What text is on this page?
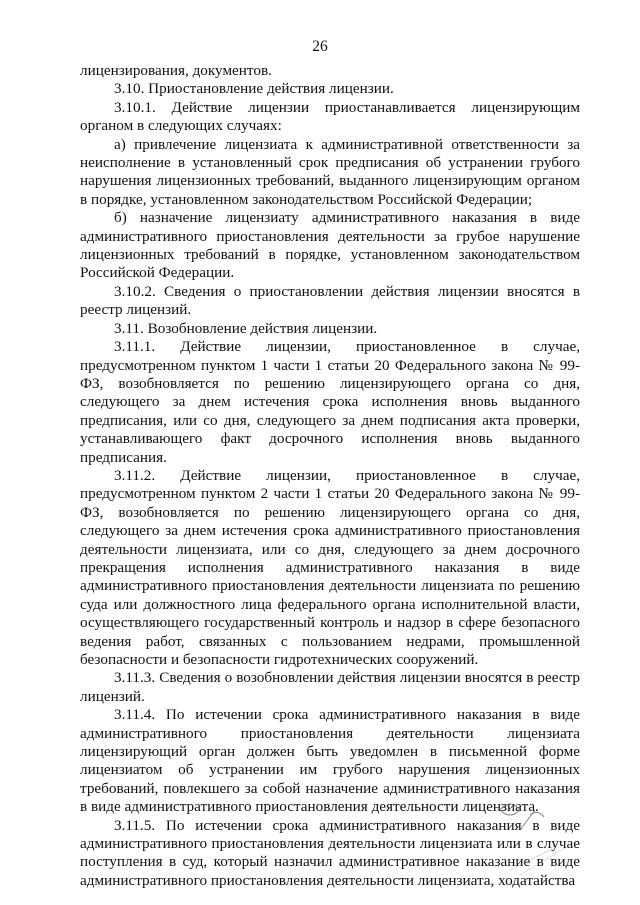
26

лицензирования, документов.

3.10. Приостановление действия лицензии.

3.10.1. Действие лицензии приостанавливается лицензирующим органом в следующих случаях:

а) привлечение лицензиата к административной ответственности за неисполнение в установленный срок предписания об устранении грубого нарушения лицензионных требований, выданного лицензирующим органом в порядке, установленном законодательством Российской Федерации;

б) назначение лицензиату административного наказания в виде административного приостановления деятельности за грубое нарушение лицензионных требований в порядке, установленном законодательством Российской Федерации.

3.10.2. Сведения о приостановлении действия лицензии вносятся в реестр лицензий.

3.11. Возобновление действия лицензии.

3.11.1. Действие лицензии, приостановленное в случае, предусмотренном пунктом 1 части 1 статьи 20 Федерального закона № 99-ФЗ, возобновляется по решению лицензирующего органа со дня, следующего за днем истечения срока исполнения вновь выданного предписания, или со дня, следующего за днем подписания акта проверки, устанавливающего факт досрочного исполнения вновь выданного предписания.

3.11.2. Действие лицензии, приостановленное в случае, предусмотренном пунктом 2 части 1 статьи 20 Федерального закона № 99-ФЗ, возобновляется по решению лицензирующего органа со дня, следующего за днем истечения срока административного приостановления деятельности лицензиата, или со дня, следующего за днем досрочного прекращения исполнения административного наказания в виде административного приостановления деятельности лицензиата по решению суда или должностного лица федерального органа исполнительной власти, осуществляющего государственный контроль и надзор в сфере безопасного ведения работ, связанных с пользованием недрами, промышленной безопасности и безопасности гидротехнических сооружений.

3.11.3. Сведения о возобновлении действия лицензии вносятся в реестр лицензий.

3.11.4. По истечении срока административного наказания в виде административного приостановления деятельности лицензиата лицензирующий орган должен быть уведомлен в письменной форме лицензиатом об устранении им грубого нарушения лицензионных требований, повлекшего за собой назначение административного наказания в виде административного приостановления деятельности лицензиата.

3.11.5. По истечении срока административного наказания в виде административного приостановления деятельности лицензиата или в случае поступления в суд, который назначил административное наказание в виде административного приостановления деятельности лицензиата, ходатайства
